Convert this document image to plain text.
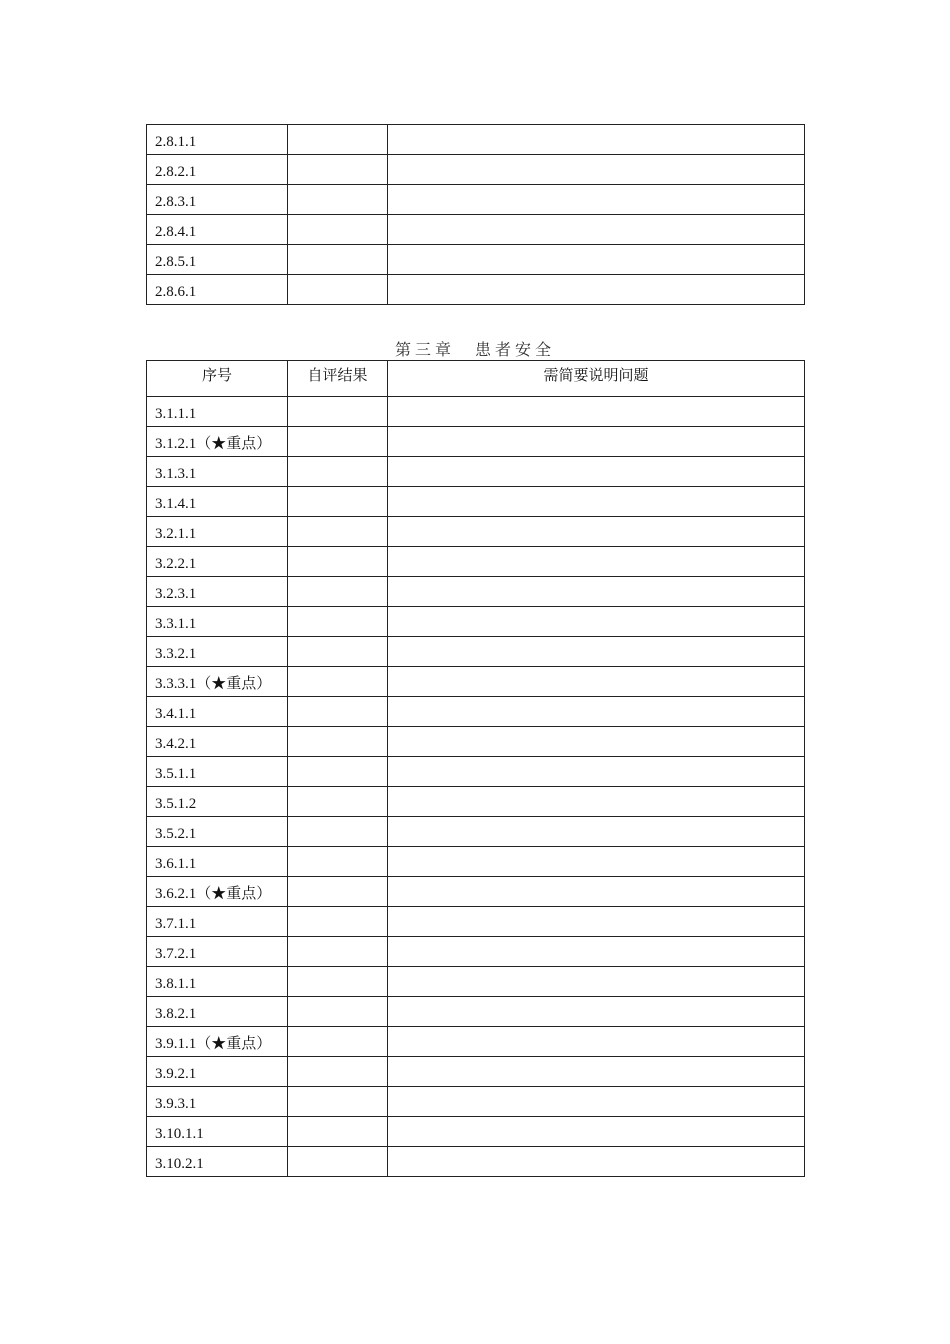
2.8.1.1		
2.8.2.1		
2.8.3.1		
2.8.4.1		
2.8.5.1		
2.8.6.1		
第三章　患者安全
序号	自评结果	需简要说明问题
3.1.1.1		
3.1.2.1（★重点）		
3.1.3.1		
3.1.4.1		
3.2.1.1		
3.2.2.1		
3.2.3.1		
3.3.1.1		
3.3.2.1		
3.3.3.1（★重点）		
3.4.1.1		
3.4.2.1		
3.5.1.1		
3.5.1.2		
3.5.2.1		
3.6.1.1		
3.6.2.1（★重点）		
3.7.1.1		
3.7.2.1		
3.8.1.1		
3.8.2.1		
3.9.1.1（★重点）		
3.9.2.1		
3.9.3.1		
3.10.1.1		
3.10.2.1		
